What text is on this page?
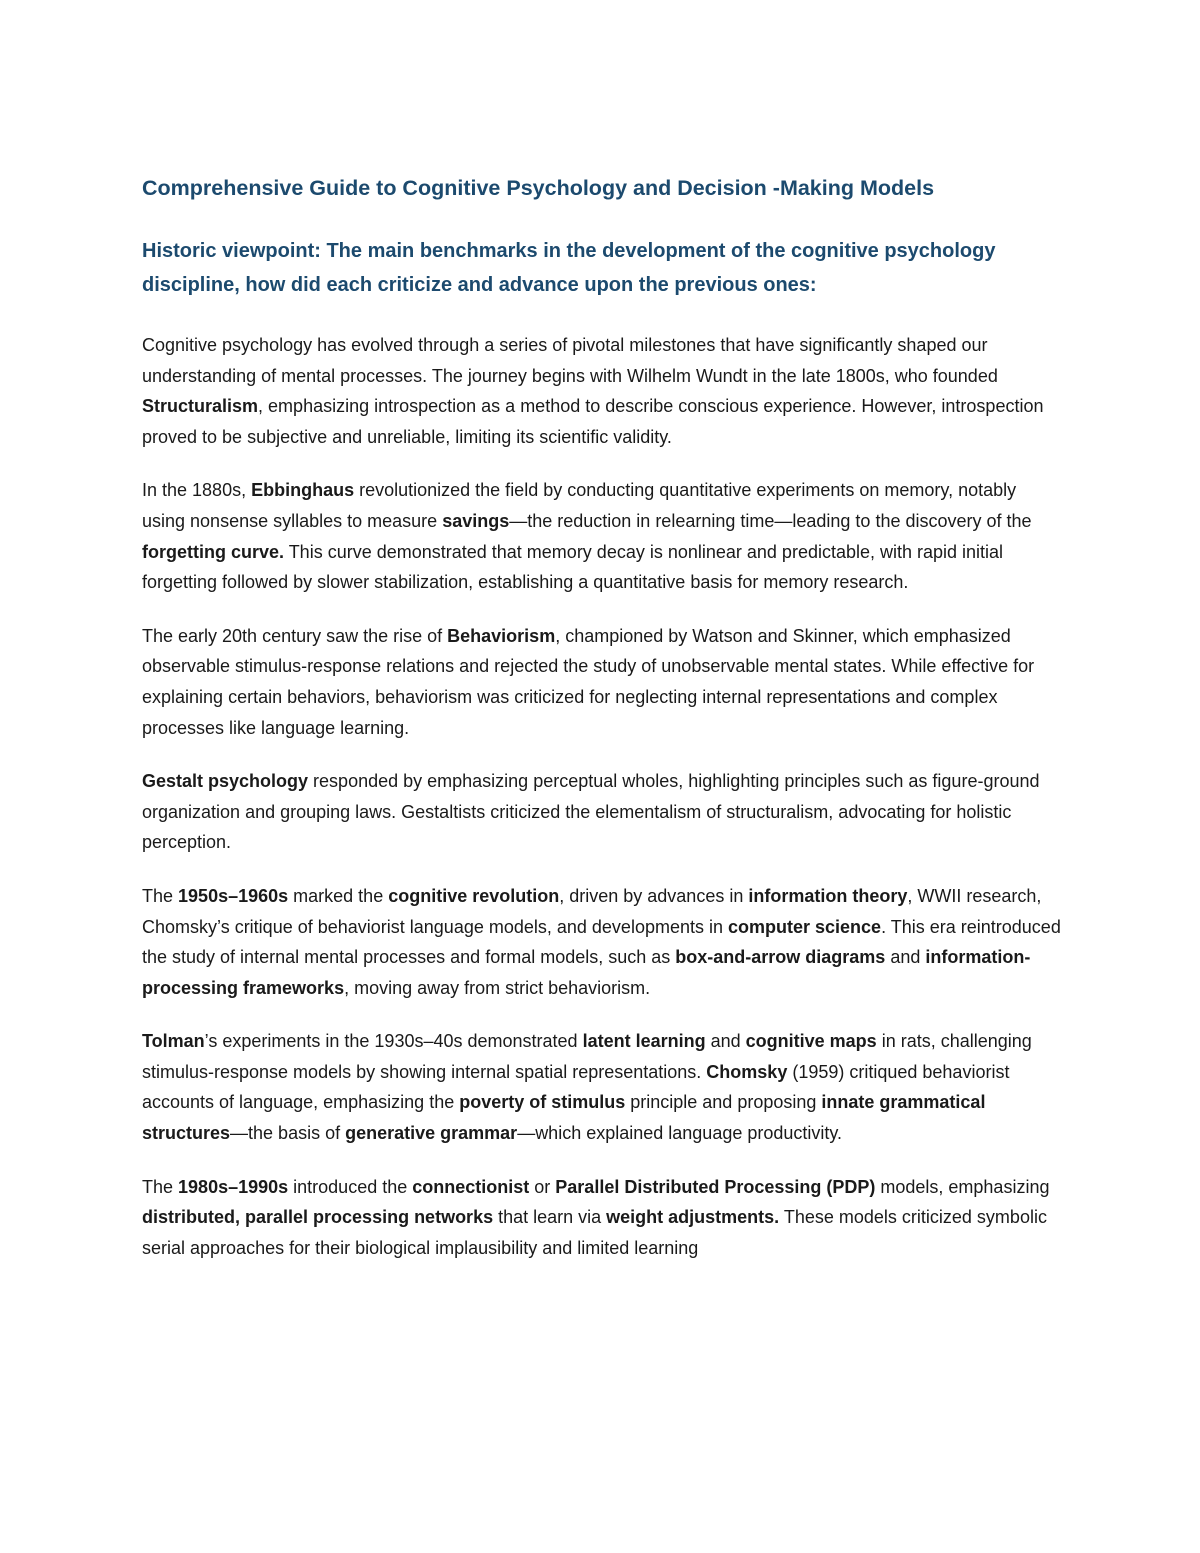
Comprehensive Guide to Cognitive Psychology and Decision -Making Models
Historic viewpoint: The main benchmarks in the development of the cognitive psychology discipline, how did each criticize and advance upon the previous ones:

Cognitive psychology has evolved through a series of pivotal milestones that have significantly shaped our understanding of mental processes. The journey begins with Wilhelm Wundt in the late 1800s, who founded Structuralism, emphasizing introspection as a method to describe conscious experience. However, introspection proved to be subjective and unreliable, limiting its scientific validity.

In the 1880s, Ebbinghaus revolutionized the field by conducting quantitative experiments on memory, notably using nonsense syllables to measure savings—the reduction in relearning time—leading to the discovery of the forgetting curve. This curve demonstrated that memory decay is nonlinear and predictable, with rapid initial forgetting followed by slower stabilization, establishing a quantitative basis for memory research.

The early 20th century saw the rise of Behaviorism, championed by Watson and Skinner, which emphasized observable stimulus-response relations and rejected the study of unobservable mental states. While effective for explaining certain behaviors, behaviorism was criticized for neglecting internal representations and complex processes like language learning.

Gestalt psychology responded by emphasizing perceptual wholes, highlighting principles such as figure-ground organization and grouping laws. Gestaltists criticized the elementalism of structuralism, advocating for holistic perception.

The 1950s–1960s marked the cognitive revolution, driven by advances in information theory, WWII research, Chomsky’s critique of behaviorist language models, and developments in computer science. This era reintroduced the study of internal mental processes and formal models, such as box-and-arrow diagrams and information-processing frameworks, moving away from strict behaviorism.

Tolman’s experiments in the 1930s–40s demonstrated latent learning and cognitive maps in rats, challenging stimulus-response models by showing internal spatial representations. Chomsky (1959) critiqued behaviorist accounts of language, emphasizing the poverty of stimulus principle and proposing innate grammatical structures—the basis of generative grammar—which explained language productivity.

The 1980s–1990s introduced the connectionist or Parallel Distributed Processing (PDP) models, emphasizing distributed, parallel processing networks that learn via weight adjustments. These models criticized symbolic serial approaches for their biological implausibility and limited learning
